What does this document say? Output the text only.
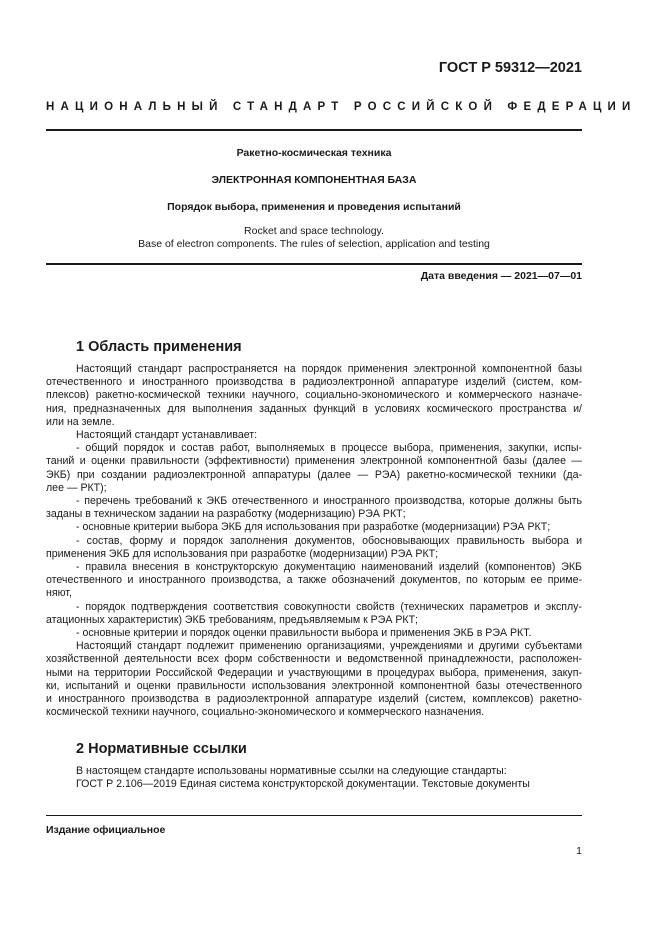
ГОСТ Р 59312—2021
НАЦИОНАЛЬНЫЙ СТАНДАРТ РОССИЙСКОЙ ФЕДЕРАЦИИ
Ракетно-космическая техника
ЭЛЕКТРОННАЯ КОМПОНЕНТНАЯ БАЗА
Порядок выбора, применения и проведения испытаний
Rocket and space technology.
Base of electron components. The rules of selection, application and testing
Дата введения — 2021—07—01
1 Область применения

Настоящий стандарт распространяется на порядок применения электронной компонентной базы

отечественного и иностранного производства в радиоэлектронной аппаратуре изделий (систем, ком-

плексов) ракетно-космической техники научного, социально-экономического и коммерческого назначе-

ния, предназначенных для выполнения заданных функций в условиях космического пространства и/

или на земле.

Настоящий стандарт устанавливает:

- общий порядок и состав работ, выполняемых в процессе выбора, применения, закупки, испы-

таний и оценки правильности (эффективности) применения электронной компонентной базы (далее —

ЭКБ) при создании радиоэлектронной аппаратуры (далее — РЭА) ракетно-космической техники (да-

лее — РКТ);

- перечень требований к ЭКБ отечественного и иностранного производства, которые должны быть

заданы в техническом задании на разработку (модернизацию) РЭА РКТ;

- основные критерии выбора ЭКБ для использования при разработке (модернизации) РЭА РКТ;

- состав, форму и порядок заполнения документов, обосновывающих правильность выбора и

применения ЭКБ для использования при разработке (модернизации) РЭА РКТ;

- правила внесения в конструкторскую документацию наименований изделий (компонентов) ЭКБ

отечественного и иностранного производства, а также обозначений документов, по которым ее приме-

няют,

- порядок подтверждения соответствия совокупности свойств (технических параметров и эксплу-

атационных характеристик) ЭКБ требованиям, предъявляемым к РЭА РКТ;

- основные критерии и порядок оценки правильности выбора и применения ЭКБ в РЭА РКТ.

Настоящий стандарт подлежит применению организациями, учреждениями и другими субъектами

хозяйственной деятельности всех форм собственности и ведомственной принадлежности, расположен-

ными на территории Российской Федерации и участвующими в процедурах выбора, применения, закуп-

ки, испытаний и оценки правильности использования электронной компонентной базы отечественного

и иностранного производства в радиоэлектронной аппаратуре изделий (систем, комплексов) ракетно-

космической техники научного, социально-экономического и коммерческого назначения.

2 Нормативные ссылки

В настоящем стандарте использованы нормативные ссылки на следующие стандарты:

ГОСТ Р 2.106—2019 Единая система конструкторской документации. Текстовые документы

Издание официальное
1
